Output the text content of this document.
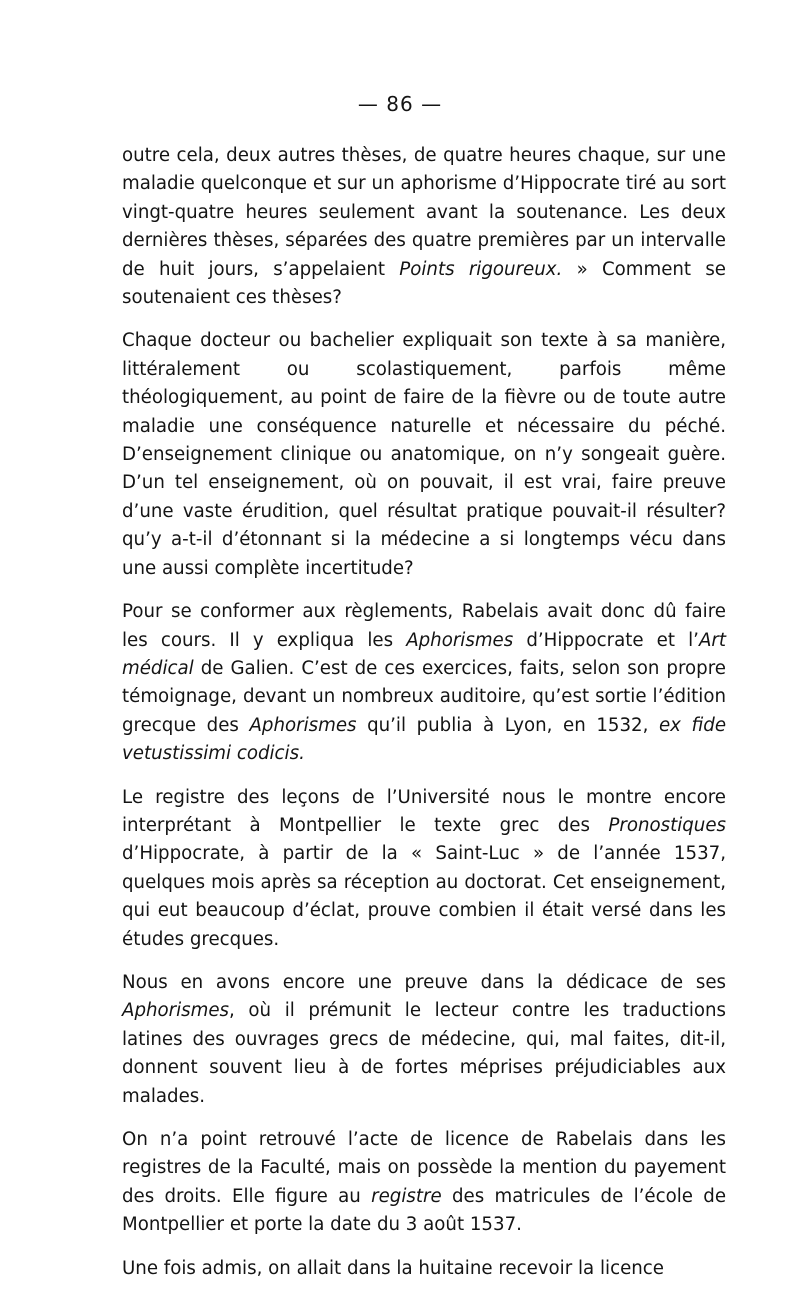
— 86 —

outre cela, deux autres thèses, de quatre heures chaque, sur une maladie quelconque et sur un aphorisme d’Hippocrate tiré au sort vingt-quatre heures seulement avant la soutenance. Les deux dernières thèses, séparées des quatre premières par un intervalle de huit jours, s’appelaient Points rigoureux. » Comment se soutenaient ces thèses?

Chaque docteur ou bachelier expliquait son texte à sa manière, littéralement ou scolastiquement, parfois même théologiquement, au point de faire de la fièvre ou de toute autre maladie une conséquence naturelle et nécessaire du péché. D’enseignement clinique ou anatomique, on n’y songeait guère. D’un tel enseignement, où on pouvait, il est vrai, faire preuve d’une vaste érudition, quel résultat pratique pouvait-il résulter? qu’y a-t-il d’étonnant si la médecine a si longtemps vécu dans une aussi complète incertitude?

Pour se conformer aux règlements, Rabelais avait donc dû faire les cours. Il y expliqua les Aphorismes d’Hippocrate et l’Art médical de Galien. C’est de ces exercices, faits, selon son propre témoignage, devant un nombreux auditoire, qu’est sortie l’édition grecque des Aphorismes qu’il publia à Lyon, en 1532, ex fide vetustissimi codicis.

Le registre des leçons de l’Université nous le montre encore interprétant à Montpellier le texte grec des Pronostiques d’Hippocrate, à partir de la « Saint-Luc » de l’année 1537, quelques mois après sa réception au doctorat. Cet enseignement, qui eut beaucoup d’éclat, prouve combien il était versé dans les études grecques.

Nous en avons encore une preuve dans la dédicace de ses Aphorismes, où il prémunit le lecteur contre les traductions latines des ouvrages grecs de médecine, qui, mal faites, dit-il, donnent souvent lieu à de fortes méprises préjudiciables aux malades.

On n’a point retrouvé l’acte de licence de Rabelais dans les registres de la Faculté, mais on possède la mention du payement des droits. Elle figure au registre des matricules de l’école de Montpellier et porte la date du 3 août 1537.

Une fois admis, on allait dans la huitaine recevoir la licence
